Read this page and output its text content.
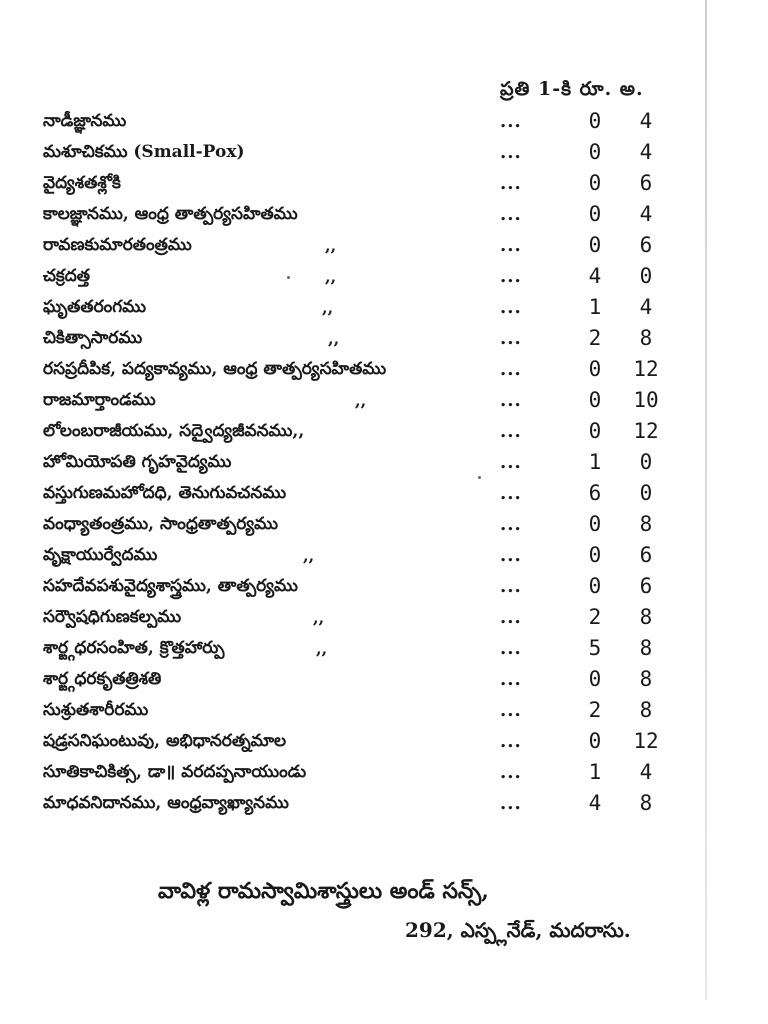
ప్రతి 1-కి రూ. అ.
నాడీజ్ఞానము	...	0	4
మశూచికము (Small-Pox)	...	0	4
వైద్యశతశ్లోకి	...	0	6
కాలజ్ఞానము, ఆంధ్ర తాత్పర్యసహితము	...	0	4
రావణకుమారతంత్రము	,,	...	0	6
చక్రదత్త	,,	...	4	0
ఘృతతరంగము	,,	...	1	4
చికిత్సాసారము	,,	...	2	8
రసప్రదీపిక, పద్యకావ్యము, ఆంధ్ర తాత్పర్యసహితము	...	0	12
రాజమార్తాండము	,,	...	0	10
లోలంబరాజీయము, సద్వైద్యజీవనము,,	...	0	12
హోమియోపతి గృహవైద్యము	...	1	0
వస్తుగుణమహోదధి, తెనుగువచనము	...	6	0
వంధ్యాతంత్రము, సాంధ్రతాత్పర్యము	...	0	8
వృక్షాయుర్వేదము	,,	...	0	6
సహదేవపశువైద్యశాస్త్రము, తాత్పర్యము	...	0	6
సర్వౌషధిగుణకల్పము	,,	...	2	8
శార్ఙ్గధరసంహిత, క్రొత్తహార్పు	,,	...	5	8
శార్ఙ్గధరకృతత్రిశతి	...	0	8
సుశ్రుతశారీరము	...	2	8
షడ్రసనిఘంటువు, అభిధానరత్నమాల	...	0	12
సూతికాచికిత్స, డా॥ వరదప్పనాయుండు	...	1	4
మాధవనిదానము, ఆంధ్రవ్యాఖ్యానము	...	4	8
వావిళ్ల రామస్వామిశాస్త్రులు అండ్ సన్స్,
292, ఎస్ప్లనేడ్, మదరాసు.
